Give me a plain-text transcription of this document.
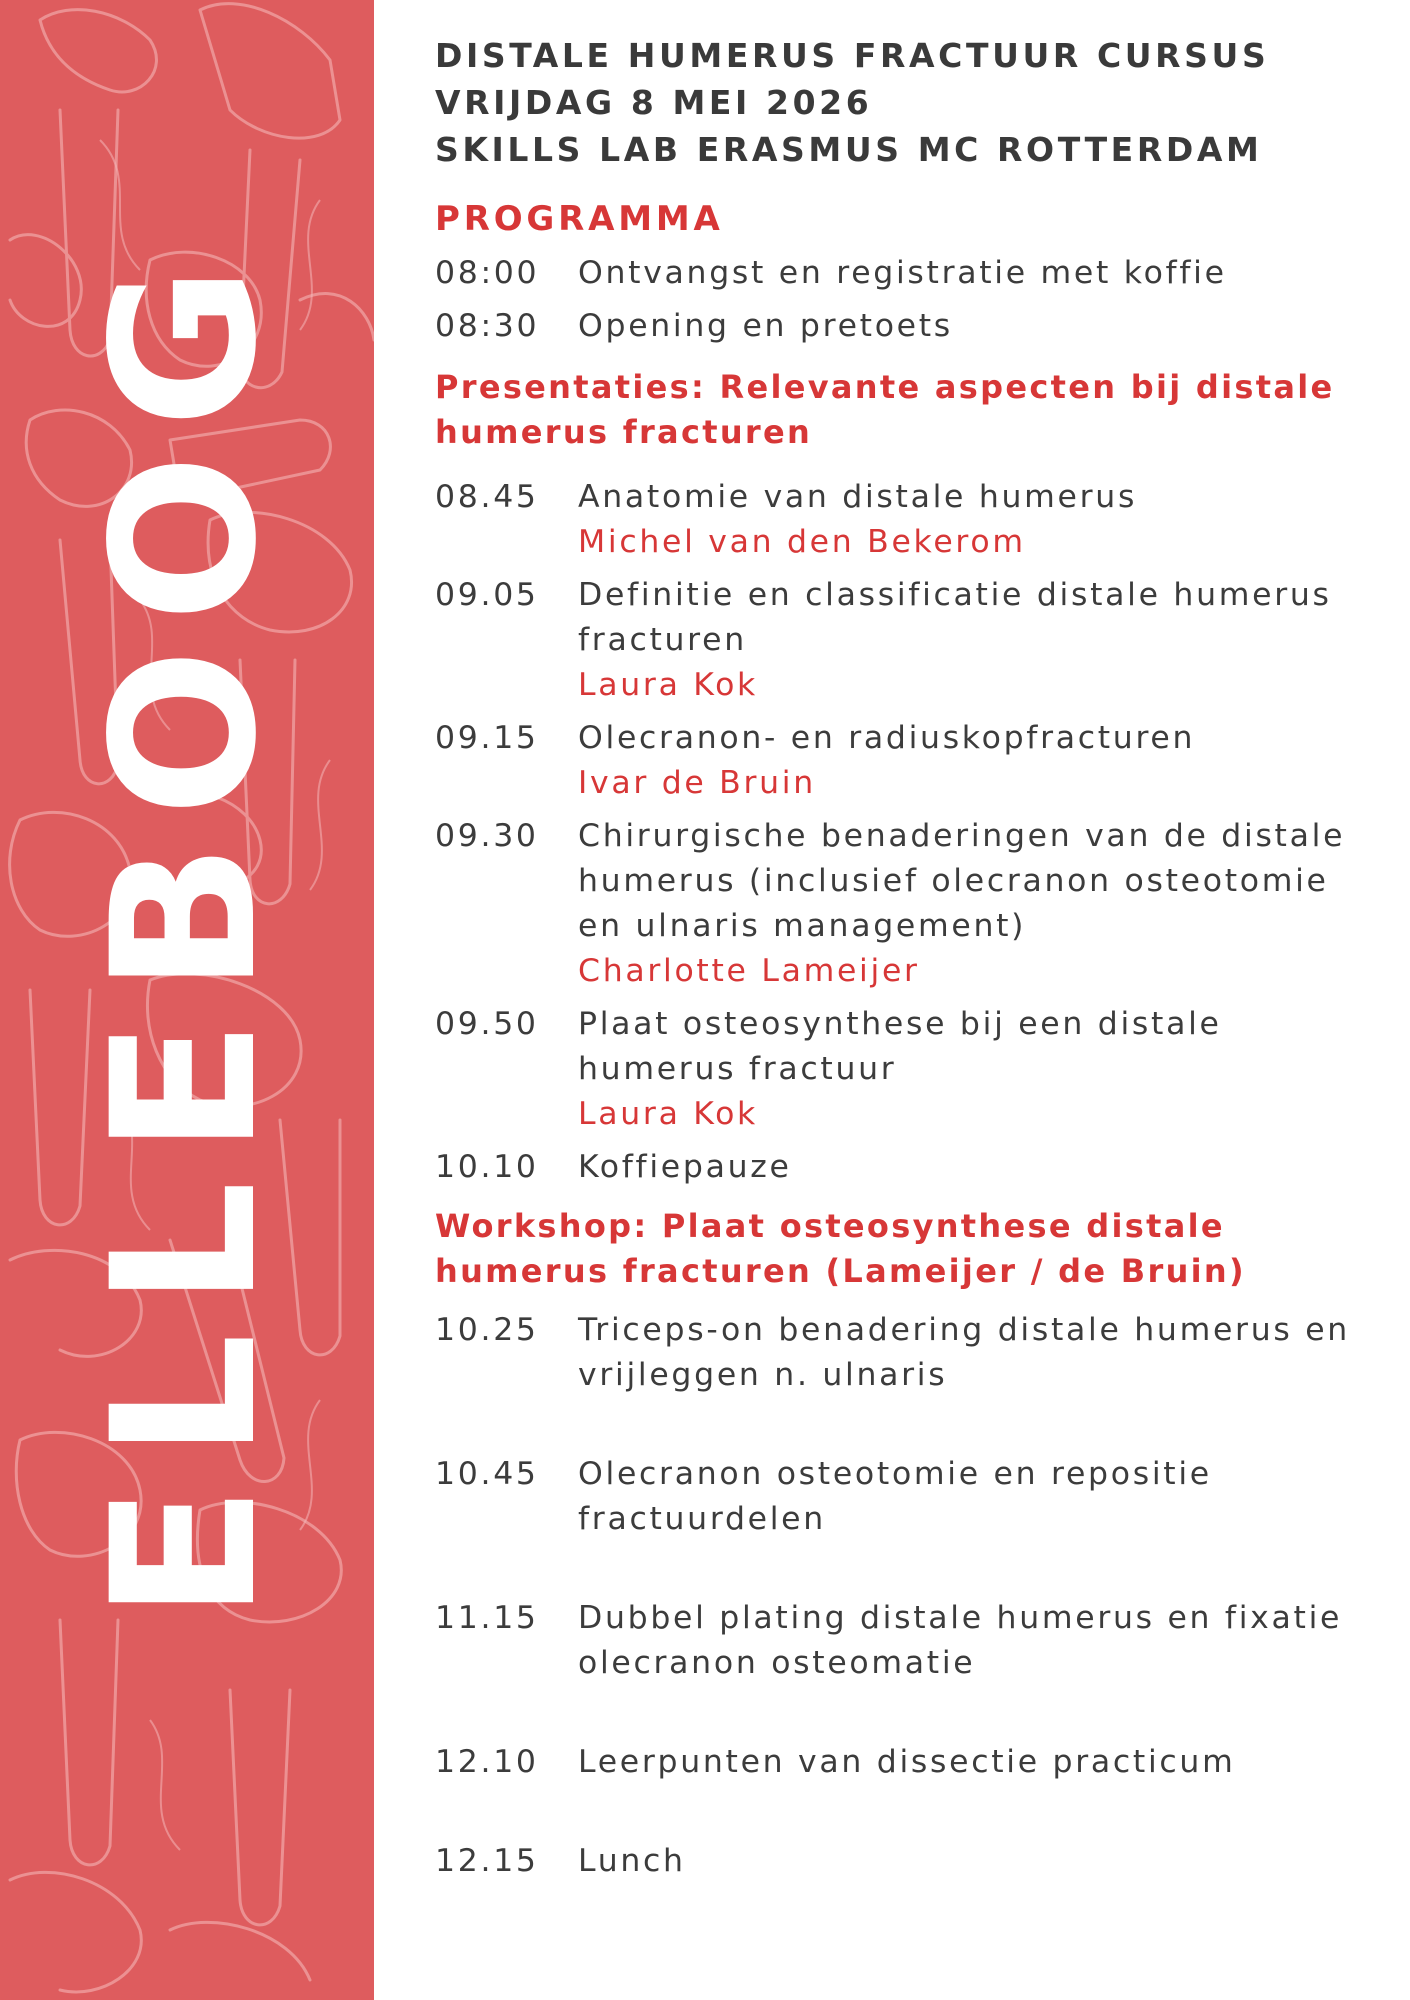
ELLEBOOG
DISTALE HUMERUS FRACTUUR CURSUS
VRIJDAG 8 MEI 2026
SKILLS LAB ERASMUS MC ROTTERDAM
PROGRAMMA
08:00	Ontvangst en registratie met koffie
08:30	Opening en pretoets
Presentaties: Relevante aspecten bij distale humerus fracturen
08.45	Anatomie van distale humerus
Michel van den Bekerom
09.05	Definitie en classificatie distale humerus fracturen
Laura Kok
09.15	Olecranon- en radiuskopfracturen
Ivar de Bruin
09.30	Chirurgische benaderingen van de distale humerus (inclusief olecranon osteotomie en ulnaris management)
Charlotte Lameijer
09.50	Plaat osteosynthese bij een distale humerus fractuur
Laura Kok
10.10	Koffiepauze
Workshop: Plaat osteosynthese distale humerus fracturen (Lameijer / de Bruin)
10.25	Triceps-on benadering distale humerus en vrijleggen n. ulnaris
10.45	Olecranon osteotomie en repositie fractuurdelen
11.15	Dubbel plating distale humerus en fixatie olecranon osteomatie
12.10	Leerpunten van dissectie practicum
12.15	Lunch
